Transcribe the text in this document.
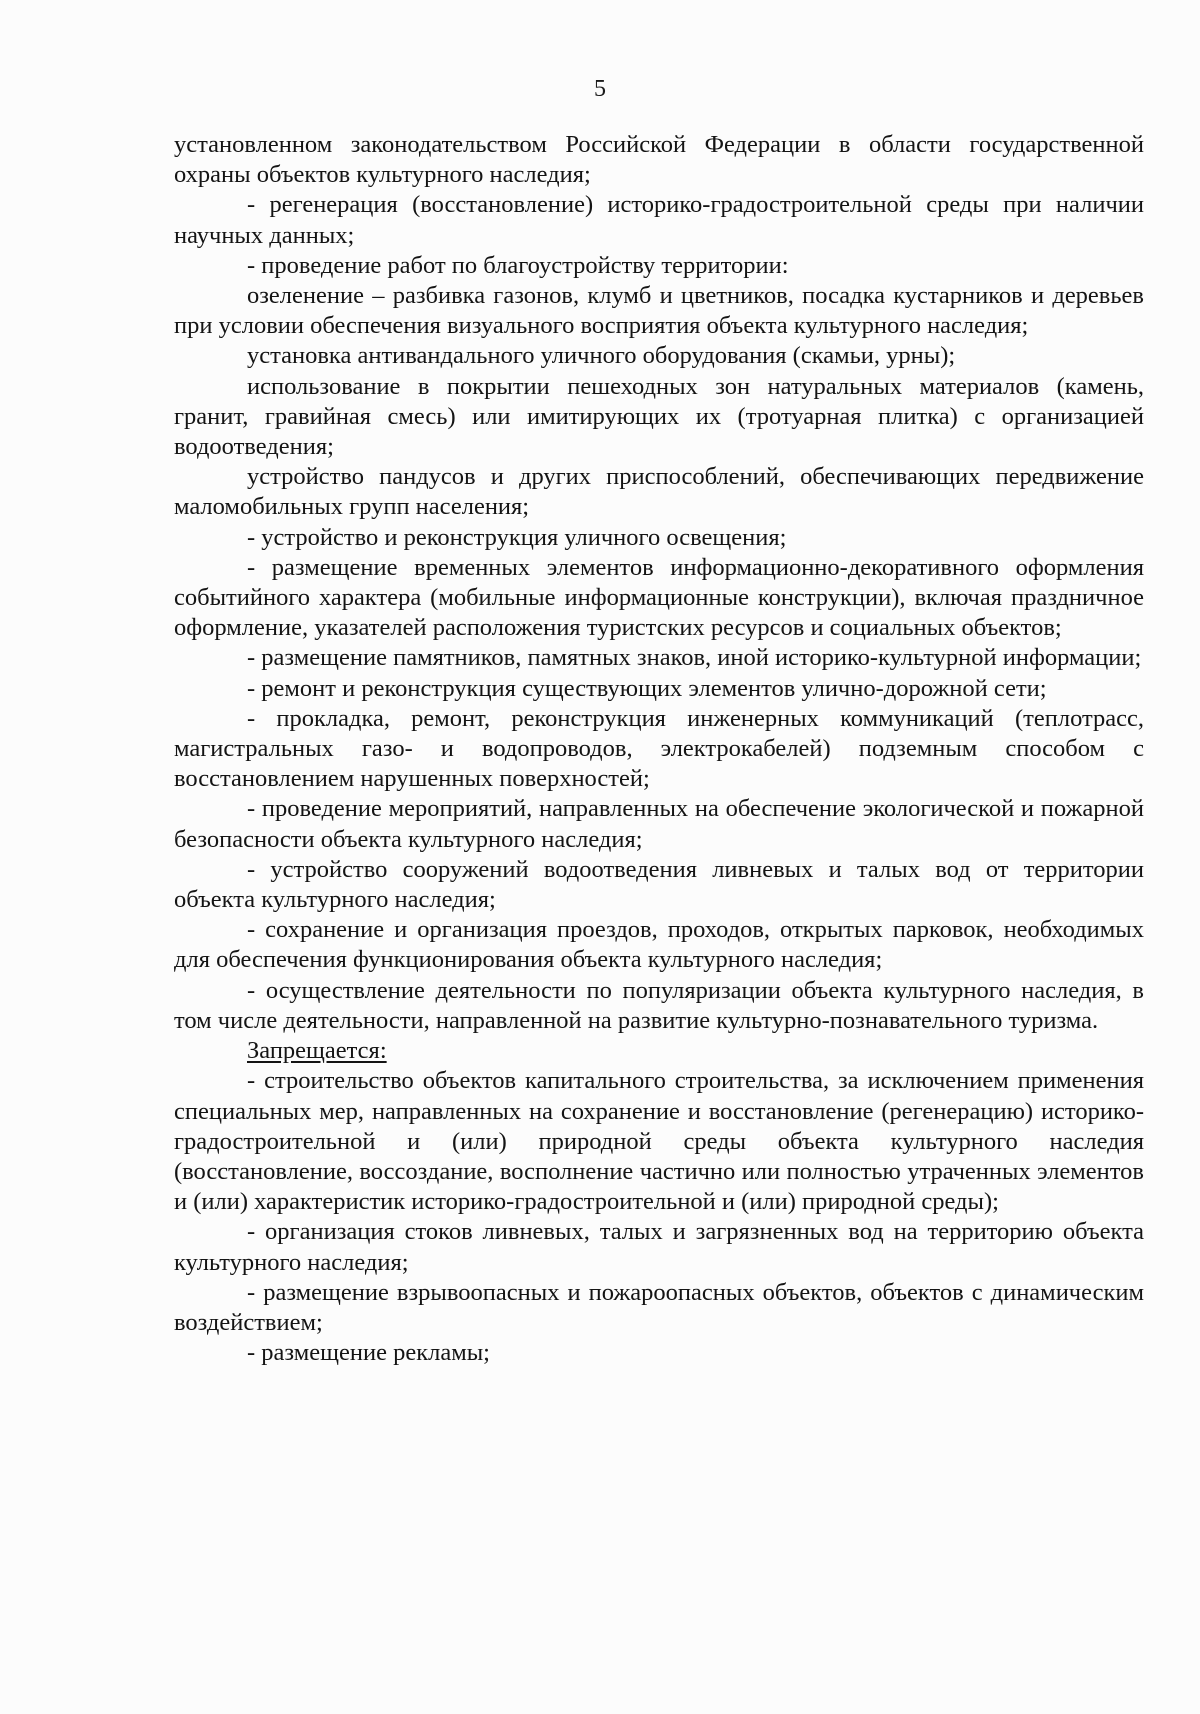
5

установленном законодательством Российской Федерации в области государственной охраны объектов культурного наследия;

- регенерация (восстановление) историко-градостроительной среды при наличии научных данных;

- проведение работ по благоустройству территории:

озеленение – разбивка газонов, клумб и цветников, посадка кустарников и деревьев при условии обеспечения визуального восприятия объекта культурного наследия;

установка антивандального уличного оборудования (скамьи, урны);

использование в покрытии пешеходных зон натуральных материалов (камень, гранит, гравийная смесь) или имитирующих их (тротуарная плитка) с организацией водоотведения;

устройство пандусов и других приспособлений, обеспечивающих передвижение маломобильных групп населения;

- устройство и реконструкция уличного освещения;

- размещение временных элементов информационно-декоративного оформления событийного характера (мобильные информационные конструкции), включая праздничное оформление, указателей расположения туристских ресурсов и социальных объектов;

- размещение памятников, памятных знаков, иной историко-культурной информации;

- ремонт и реконструкция существующих элементов улично-дорожной сети;

- прокладка, ремонт, реконструкция инженерных коммуникаций (теплотрасс, магистральных газо- и водопроводов, электрокабелей) подземным способом с восстановлением нарушенных поверхностей;

- проведение мероприятий, направленных на обеспечение экологической и пожарной безопасности объекта культурного наследия;

- устройство сооружений водоотведения ливневых и талых вод от территории объекта культурного наследия;

- сохранение и организация проездов, проходов, открытых парковок, необходимых для обеспечения функционирования объекта культурного наследия;

- осуществление деятельности по популяризации объекта культурного наследия, в том числе деятельности, направленной на развитие культурно-познавательного туризма.

Запрещается:

- строительство объектов капитального строительства, за исключением применения специальных мер, направленных на сохранение и восстановление (регенерацию) историко-градостроительной и (или) природной среды объекта культурного наследия (восстановление, воссоздание, восполнение частично или полностью утраченных элементов и (или) характеристик историко-градостроительной и (или) природной среды);

- организация стоков ливневых, талых и загрязненных вод на территорию объекта культурного наследия;

- размещение взрывоопасных и пожароопасных объектов, объектов с динамическим воздействием;

- размещение рекламы;
